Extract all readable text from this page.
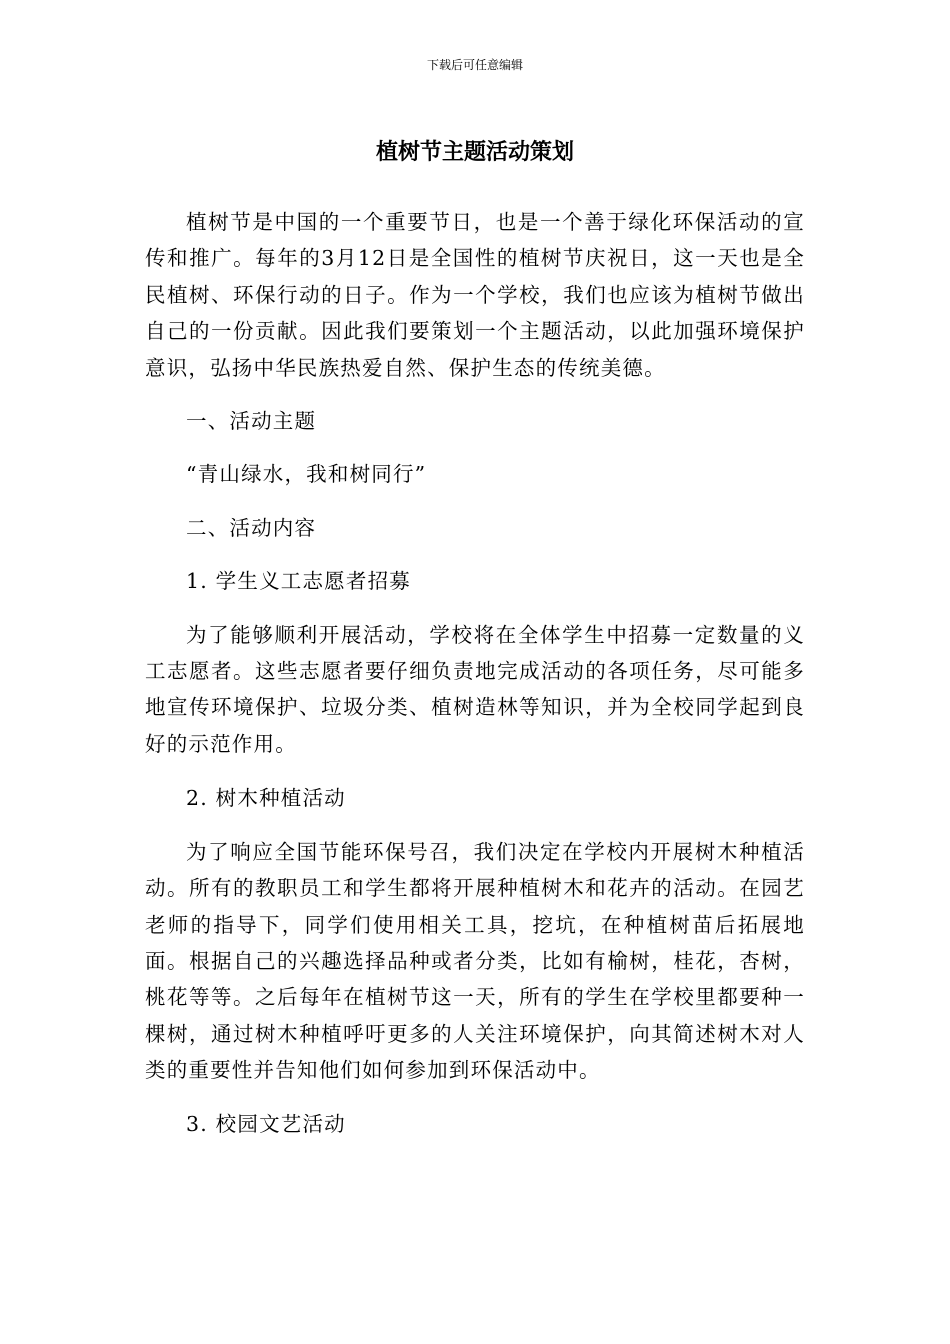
下载后可任意编辑
植树节主题活动策划

植树节是中国的一个重要节日，也是一个善于绿化环保活动的宣传和推广。每年的3月12日是全国性的植树节庆祝日，这一天也是全民植树、环保行动的日子。作为一个学校，我们也应该为植树节做出自己的一份贡献。因此我们要策划一个主题活动，以此加强环境保护意识，弘扬中华民族热爱自然、保护生态的传统美德。

一、活动主题

“青山绿水，我和树同行”

二、活动内容

1. 学生义工志愿者招募

为了能够顺利开展活动，学校将在全体学生中招募一定数量的义工志愿者。这些志愿者要仔细负责地完成活动的各项任务，尽可能多地宣传环境保护、垃圾分类、植树造林等知识，并为全校同学起到良好的示范作用。

2. 树木种植活动

为了响应全国节能环保号召，我们决定在学校内开展树木种植活动。所有的教职员工和学生都将开展种植树木和花卉的活动。在园艺老师的指导下，同学们使用相关工具，挖坑，在种植树苗后拓展地面。根据自己的兴趣选择品种或者分类，比如有榆树，桂花，杏树，桃花等等。之后每年在植树节这一天，所有的学生在学校里都要种一棵树，通过树木种植呼吁更多的人关注环境保护，向其简述树木对人类的重要性并告知他们如何参加到环保活动中。

3. 校园文艺活动
